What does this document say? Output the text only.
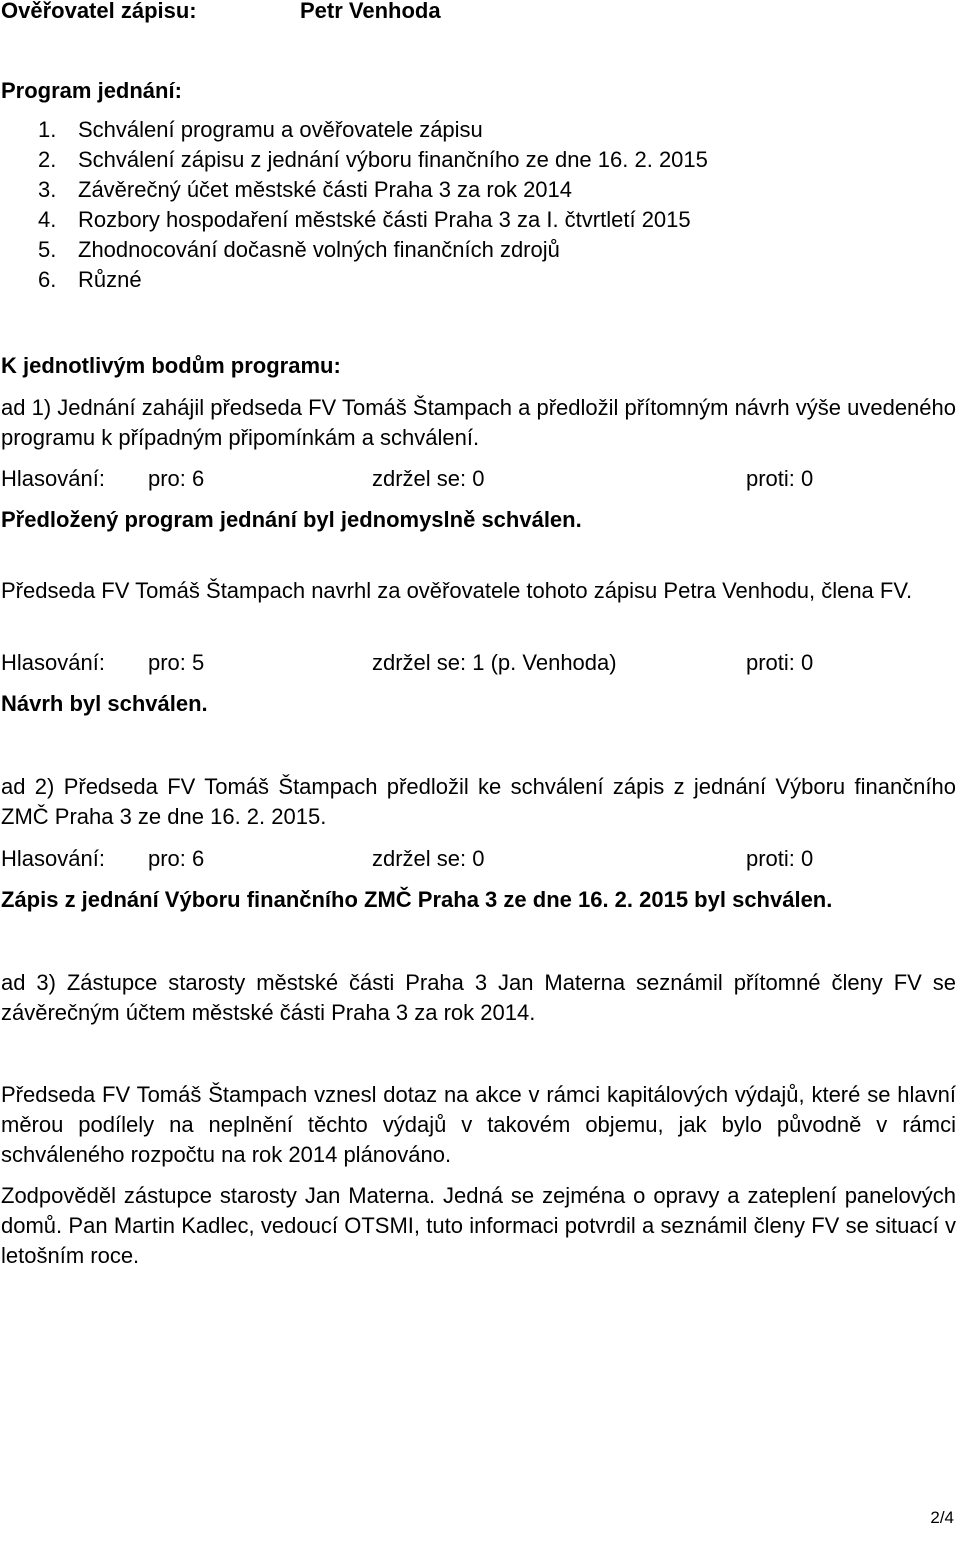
Ověřovatel zápisu:	Petr Venhoda
Program jednání:
1. Schválení programu a ověřovatele zápisu
2. Schválení zápisu z jednání výboru finančního ze dne 16. 2. 2015
3. Závěrečný účet městské části Praha 3 za rok 2014
4. Rozbory hospodaření městské části Praha 3 za I. čtvrtletí 2015
5. Zhodnocování dočasně volných finančních zdrojů
6. Různé
K jednotlivým bodům programu:
ad 1) Jednání zahájil předseda FV Tomáš Štampach a předložil přítomným návrh výše uvedeného programu k případným připomínkám a schválení.
Hlasování: pro: 6	zdržel se: 0	proti: 0
Předložený program jednání byl jednomyslně schválen.
Předseda FV Tomáš Štampach navrhl za ověřovatele tohoto zápisu Petra Venhodu, člena FV.
Hlasování: pro: 5	zdržel se: 1 (p. Venhoda)	proti: 0
Návrh byl schválen.
ad 2) Předseda FV Tomáš Štampach předložil ke schválení zápis z jednání Výboru finančního ZMČ Praha 3 ze dne 16. 2. 2015.
Hlasování: pro: 6	zdržel se: 0	proti: 0
Zápis z jednání Výboru finančního ZMČ Praha 3 ze dne 16. 2. 2015 byl schválen.
ad 3) Zástupce starosty městské části Praha 3 Jan Materna seznámil přítomné členy FV se závěrečným účtem městské části Praha 3 za rok 2014.
Předseda FV Tomáš Štampach vznesl dotaz na akce v rámci kapitálových výdajů, které se hlavní měrou podílely na neplnění těchto výdajů v takovém objemu, jak bylo původně v rámci schváleného rozpočtu na rok 2014 plánováno.
Zodpověděl zástupce starosty Jan Materna. Jedná se zejména o opravy a zateplení panelových domů. Pan Martin Kadlec, vedoucí OTSMI, tuto informaci potvrdil a seznámil členy FV se situací v letošním roce.
2/4
